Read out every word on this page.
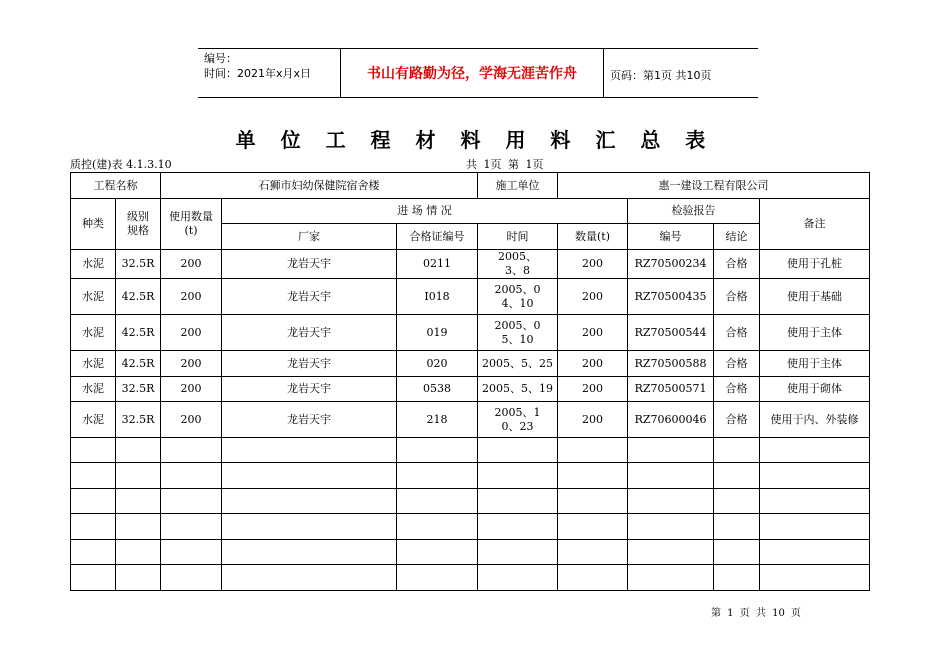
编号：
时间：2021年x月x日	书山有路勤为径，学海无涯苦作舟	页码：第1页 共10页
单 位 工 程 材 料 用 料 汇 总 表
质控(建)表 4.1.3.10	共 1页 第 1页
工程名称		石狮市妇幼保健院宿舍楼			施工单位	惠一建设工程有限公司			
种类	级别规格	使用数量(t)	进 场 情 况				检验报告		备注
			厂家	合格证编号	时间	数量(t)	编号	结论	
水泥	32.5R	200	龙岩天宇	0211	2005、3、8	200	RZ70500234	合格	使用于孔桩
水泥	42.5R	200	龙岩天宇	I018	2005、04、10	200	RZ70500435	合格	使用于基础
水泥	42.5R	200	龙岩天宇	019	2005、05、10	200	RZ70500544	合格	使用于主体
水泥	42.5R	200	龙岩天宇	020	2005、5、25	200	RZ70500588	合格	使用于主体
水泥	32.5R	200	龙岩天宇	0538	2005、5、19	200	RZ70500571	合格	使用于砌体
水泥	32.5R	200	龙岩天宇	218	2005、10、23	200	RZ70600046	合格	使用于内、外装修

第 1 页 共 10 页
